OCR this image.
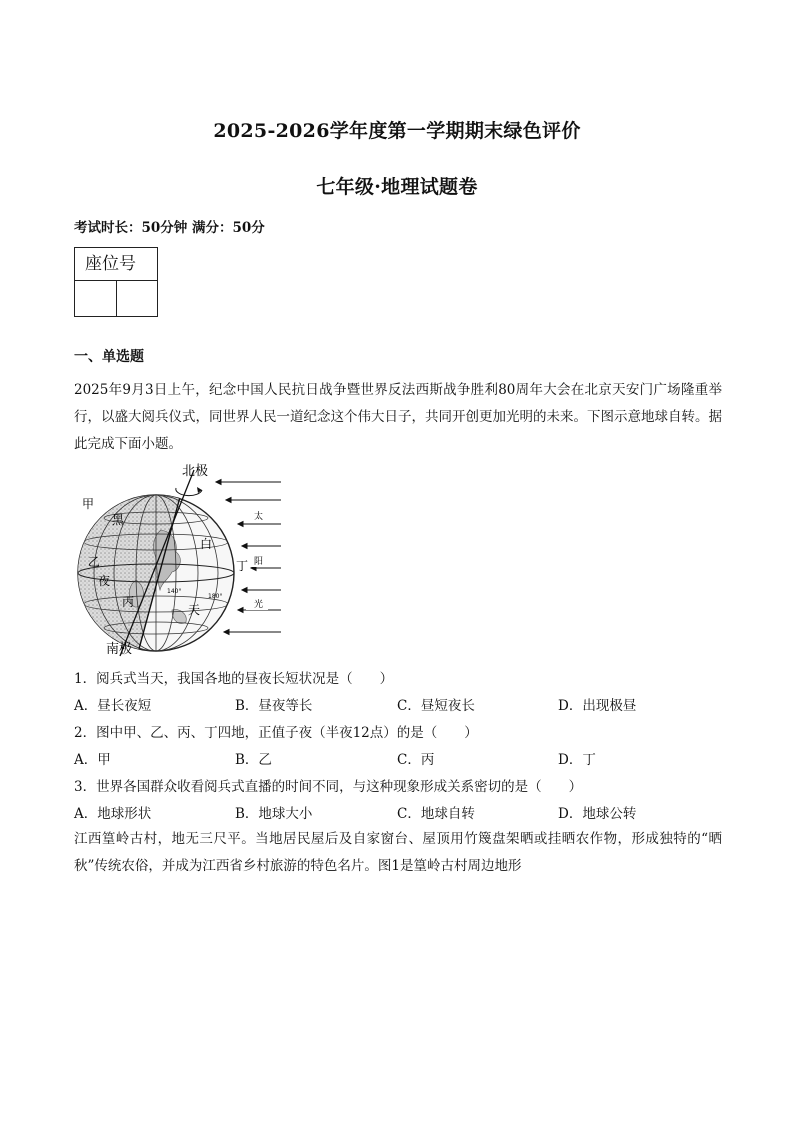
2025-2026学年度第一学期期末绿色评价
七年级·地理试题卷
考试时长：50分钟 满分：50分
座位号
一、单选题
2025年9月3日上午，纪念中国人民抗日战争暨世界反法西斯战争胜利80周年大会在北京天安门广场隆重举行，以盛大阅兵仪式，同世界人民一道纪念这个伟大日子，共同开创更加光明的未来。下图示意地球自转。据此完成下面小题。
太
阳
光
北极
南极
甲
黑
乙
夜
丙
白
天
丁
140°
180°
1．阅兵式当天，我国各地的昼夜长短状况是（　　）
A．昼长夜短	B．昼夜等长	C．昼短夜长	D．出现极昼
2．图中甲、乙、丙、丁四地，正值子夜（半夜12点）的是（　　）
A．甲	B．乙	C．丙	D．丁
3．世界各国群众收看阅兵式直播的时间不同，与这种现象形成关系密切的是（　　）
A．地球形状	B．地球大小	C．地球自转	D．地球公转
江西篁岭古村，地无三尺平。当地居民屋后及自家窗台、屋顶用竹篾盘架晒或挂晒农作物，形成独特的“晒秋”传统农俗，并成为江西省乡村旅游的特色名片。图1是篁岭古村周边地形
